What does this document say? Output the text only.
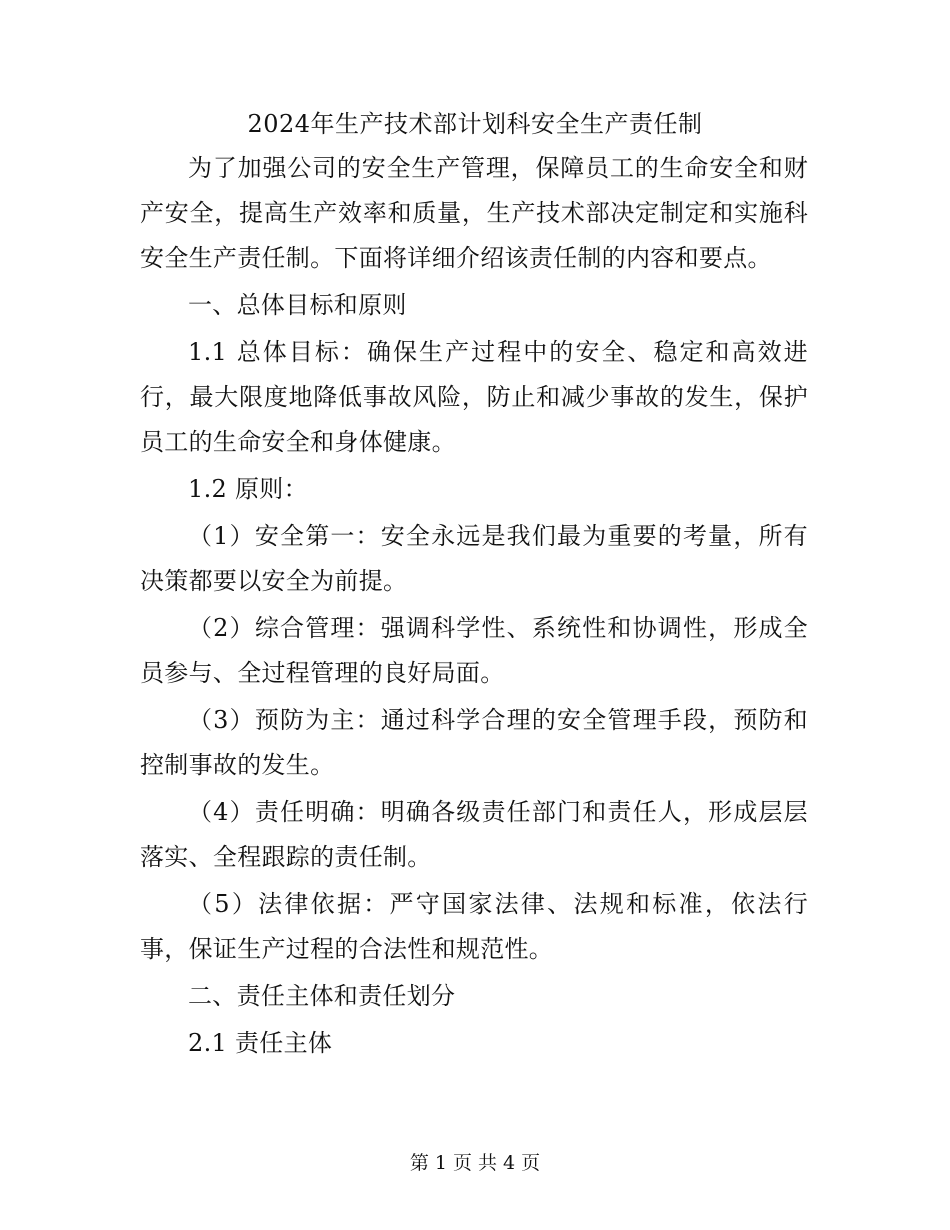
2024年生产技术部计划科安全生产责任制

为了加强公司的安全生产管理，保障员工的生命安全和财产安全，提高生产效率和质量，生产技术部决定制定和实施科安全生产责任制。下面将详细介绍该责任制的内容和要点。

一、总体目标和原则

1.1 总体目标：确保生产过程中的安全、稳定和高效进行，最大限度地降低事故风险，防止和减少事故的发生，保护员工的生命安全和身体健康。

1.2 原则：

（1）安全第一：安全永远是我们最为重要的考量，所有决策都要以安全为前提。

（2）综合管理：强调科学性、系统性和协调性，形成全员参与、全过程管理的良好局面。

（3）预防为主：通过科学合理的安全管理手段，预防和控制事故的发生。

（4）责任明确：明确各级责任部门和责任人，形成层层落实、全程跟踪的责任制。

（5）法律依据：严守国家法律、法规和标准，依法行事，保证生产过程的合法性和规范性。

二、责任主体和责任划分

2.1 责任主体

第 1 页 共 4 页
